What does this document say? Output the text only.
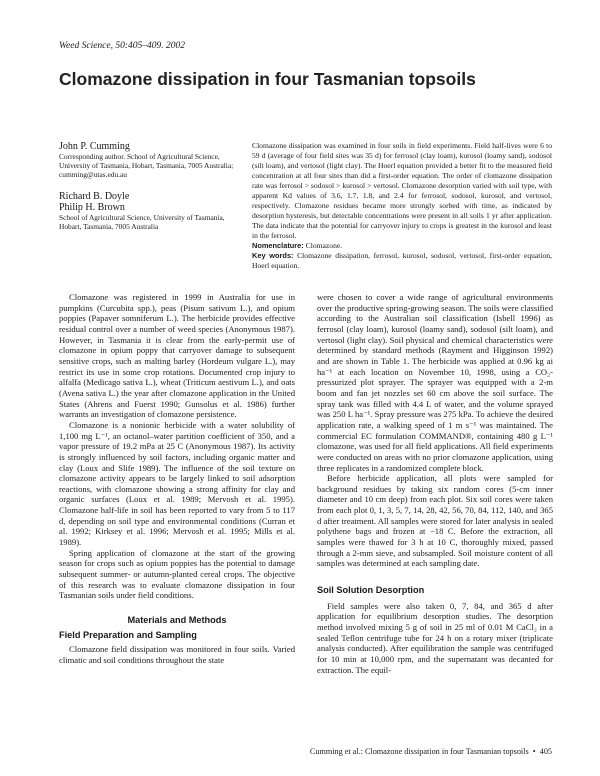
Weed Science, 50:405–409. 2002
Clomazone dissipation in four Tasmanian topsoils
John P. Cumming
Corresponding author. School of Agricultural Science, University of Tasmania, Hobart, Tasmania, 7005 Australia; cumming@utas.edu.au
Richard B. Doyle
Philip H. Brown
School of Agricultural Science, University of Tasmania, Hobart, Tasmania, 7005 Australia

Clomazone dissipation was examined in four soils in field experiments. Field half-lives were 6 to 59 d (average of four field sites was 35 d) for ferrosol (clay loam), kurosol (loamy sand), sodosol (silt loam), and vertosol (light clay). The Hoerl equation provided a better fit to the measured field concentration at all four sites than did a first-order equation. The order of clomazone dissipation rate was ferrosol > sodosol > kurosol > vertosol. Clomazone desorption varied with soil type, with apparent Kd values of 3.6, 1.7, 1.8, and 2.4 for ferrosol, sodosol, kurosol, and vertosol, respectively. Clomazone residues became more strongly sorbed with time, as indicated by desorption hysteresis, but detectable concentrations were present in all soils 1 yr after application. The data indicate that the potential for carryover injury to crops is greatest in the kurosol and least in the ferrosol.

Nomenclature: Clomazone.

Key words: Clomazone dissipation, ferrosol, kurosol, sodosol, vertosol, first-order equation, Hoerl equation.

Clomazone was registered in 1999 in Australia for use in pumpkins (Curcubita spp.), peas (Pisum sativum L.), and opium poppies (Papaver somniferum L.). The herbicide provides effective residual control over a number of weed species (Anonymous 1987). However, in Tasmania it is clear from the early-permit use of clomazone in opium poppy that carryover damage to subsequent sensitive crops, such as malting barley (Hordeum vulgare L.), may restrict its use in some crop rotations. Documented crop injury to alfalfa (Medicago sativa L.), wheat (Triticum aestivum L.), and oats (Avena sativa L.) the year after clomazone application in the United States (Ahrens and Fuerst 1990; Gunsolus et al. 1986) further warrants an investigation of clomazone persistence.

Clomazone is a nonionic herbicide with a water solubility of 1,100 mg L⁻¹, an octanol–water partition coefficient of 350, and a vapor pressure of 19.2 mPa at 25 C (Anonymous 1987). Its activity is strongly influenced by soil factors, including organic matter and clay (Loux and Slife 1989). The influence of the soil texture on clomazone activity appears to be largely linked to soil adsorption reactions, with clomazone showing a strong affinity for clay and organic surfaces (Loux et al. 1989; Mervosh et al. 1995). Clomazone half-life in soil has been reported to vary from 5 to 117 d, depending on soil type and environmental conditions (Curran et al. 1992; Kirksey et al. 1996; Mervosh et al. 1995; Mills et al. 1989).

Spring application of clomazone at the start of the growing season for crops such as opium poppies has the potential to damage subsequent summer- or autumn-planted cereal crops. The objective of this research was to evaluate clomazone dissipation in four Tasmanian soils under field conditions.

Materials and Methods
Field Preparation and Sampling

Clomazone field dissipation was monitored in four soils. Varied climatic and soil conditions throughout the state

were chosen to cover a wide range of agricultural environments over the productive spring-growing season. The soils were classified according to the Australian soil classification (Isbell 1996) as ferrosol (clay loam), kurosol (loamy sand), sodosol (silt loam), and vertosol (light clay). Soil physical and chemical characteristics were determined by standard methods (Rayment and Higginson 1992) and are shown in Table 1. The herbicide was applied at 0.96 kg ai ha⁻¹ at each location on November 10, 1998, using a CO₂-pressurized plot sprayer. The sprayer was equipped with a 2-m boom and fan jet nozzles set 60 cm above the soil surface. The spray tank was filled with 4.4 L of water, and the volume sprayed was 250 L ha⁻¹. Spray pressure was 275 kPa. To achieve the desired application rate, a walking speed of 1 m s⁻¹ was maintained. The commercial EC formulation COMMAND®, containing 480 g L⁻¹ clomazone, was used for all field applications. All field experiments were conducted on areas with no prior clomazone application, using three replicates in a randomized complete block.

Before herbicide application, all plots were sampled for background residues by taking six random cores (5-cm inner diameter and 10 cm deep) from each plot. Six soil cores were taken from each plot 0, 1, 3, 5, 7, 14, 28, 42, 56, 70, 84, 112, 140, and 365 d after treatment. All samples were stored for later analysis in sealed polythene bags and frozen at −18 C. Before the extraction, all samples were thawed for 3 h at 10 C, thoroughly mixed, passed through a 2-mm sieve, and subsampled. Soil moisture content of all samples was determined at each sampling date.

Soil Solution Desorption

Field samples were also taken 0, 7, 84, and 365 d after application for equilibrium desorption studies. The desorption method involved mixing 5 g of soil in 25 ml of 0.01 M CaCl₂ in a sealed Teflon centrifuge tube for 24 h on a rotary mixer (triplicate analysis conducted). After equilibration the sample was centrifuged for 10 min at 10,000 rpm, and the supernatant was decanted for extraction. The equil-

Cumming et al.: Clomazone dissipation in four Tasmanian topsoils • 405
